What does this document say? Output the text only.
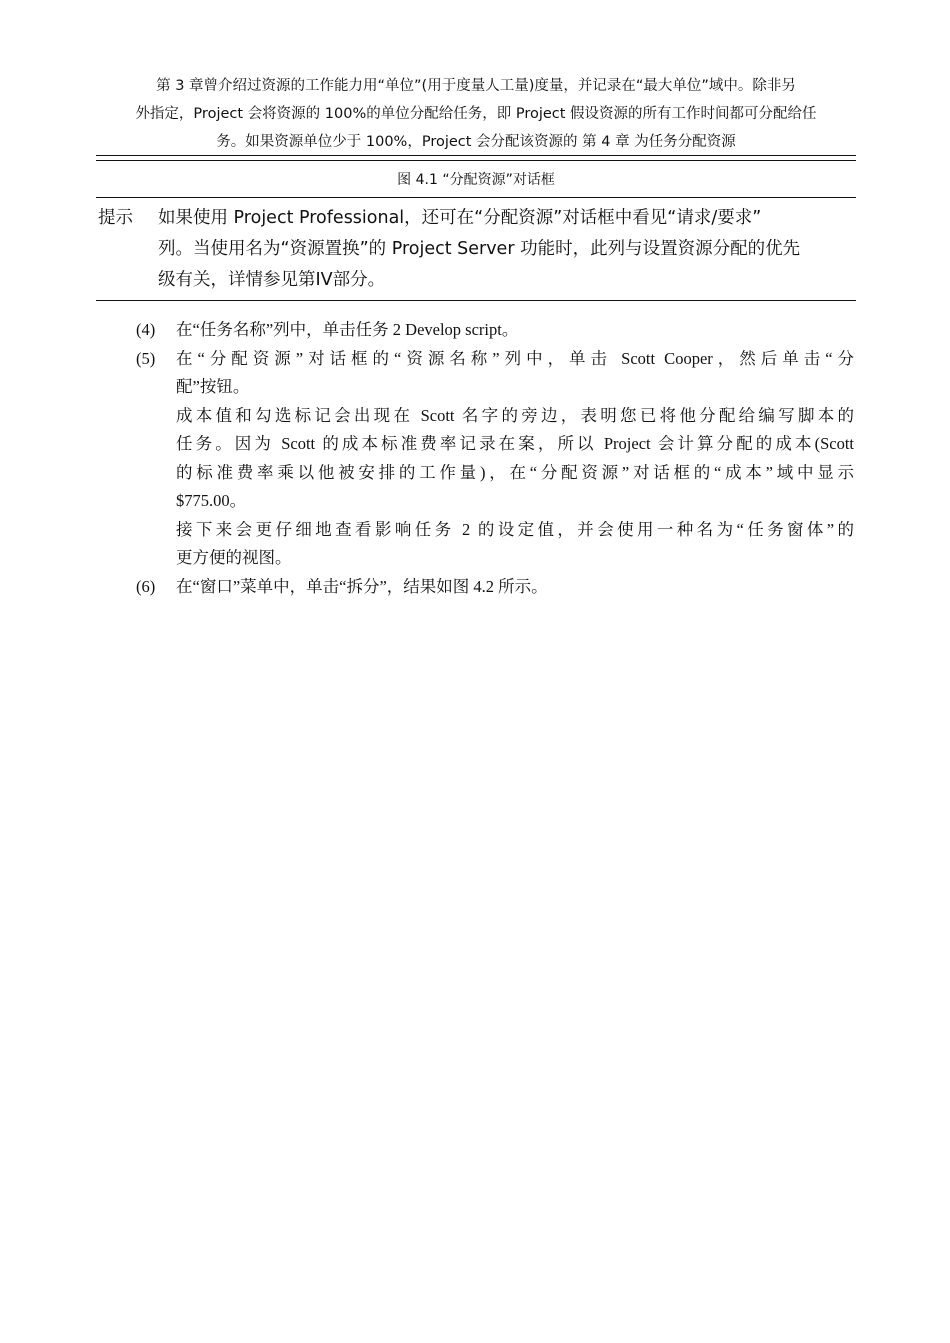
第 3 章曾介绍过资源的工作能力用“单位”(用于度量人工量)度量，并记录在“最大单位”域中。除非另
外指定，Project 会将资源的 100%的单位分配给任务，即 Project 假设资源的所有工作时间都可分配给任
务。如果资源单位少于 100%，Project 会分配该资源的 第 4 章 为任务分配资源
图 4.1 “分配资源”对话框
提示 如果使用 Project Professional，还可在“分配资源”对话框中看见“请求/要求”
列。当使用名为“资源置换”的 Project Server 功能时，此列与设置资源分配的优先
级有关，详情参见第IV部分。
(4) 在“任务名称”列中，单击任务 2 Develop script。
(5) 在“分配资源”对话框的“资源名称”列中，单击 Scott Cooper，然后单击“分
配”按钮。
成本值和勾选标记会出现在 Scott 名字的旁边，表明您已将他分配给编写脚本的
任务。因为 Scott 的成本标准费率记录在案，所以 Project 会计算分配的成本(Scott
的标准费率乘以他被安排的工作量)，在“分配资源”对话框的“成本”域中显示
$775.00。
接下来会更仔细地查看影响任务 2 的设定值，并会使用一种名为“任务窗体”的
更方便的视图。
(6) 在“窗口”菜单中，单击“拆分”，结果如图 4.2 所示。
